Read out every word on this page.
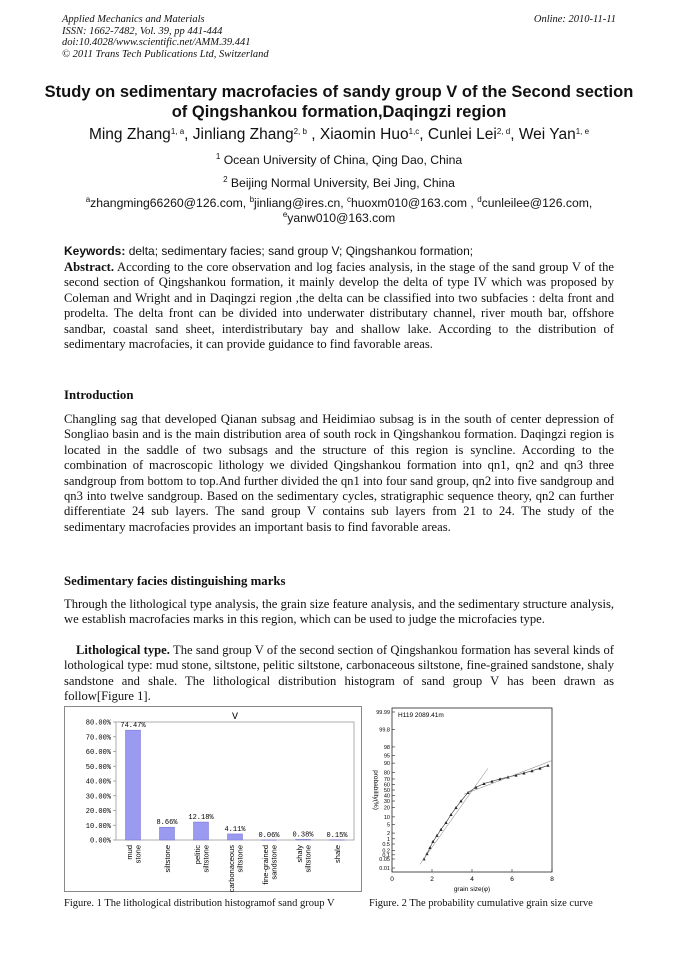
Applied Mechanics and Materials
ISSN: 1662-7482, Vol. 39, pp 441-444
doi:10.4028/www.scientific.net/AMM.39.441
© 2011 Trans Tech Publications Ltd, Switzerland
Online: 2010-11-11
Study on sedimentary macrofacies of sandy group V of the Second section of Qingshankou formation,Daqingzi region
Ming Zhang$^{1, a}$, Jinliang Zhang$^{2, b}$ , Xiaomin Huo$^{1,c}$, Cunlei Lei$^{2, d}$, Wei Yan$^{1, e}$
$^1$ Ocean University of China, Qing Dao, China
$^2$ Beijing Normal University, Bei Jing, China
$^a$zhangming66260@126.com, $^b$jinliang@ires.cn, $^c$huoxm010@163.com , $^d$cunleilee@126.com,
$^e$yanw010@163.com
Keywords: delta; sedimentary facies; sand group V; Qingshankou formation;
Abstract. According to the core observation and log facies analysis, in the stage of the sand group V of the second section of Qingshankou formation, it mainly develop the delta of type IV which was proposed by Coleman and Wright and in Daqingzi region ,the delta can be classified into two subfacies : delta front and prodelta. The delta front can be divided into underwater distributary channel, river mouth bar, offshore sandbar, coastal sand sheet, interdistributary bay and shallow lake. According to the distribution of sedimentary macrofacies, it can provide guidance to find favorable areas.
Introduction
Changling sag that developed Qianan subsag and Heidimiao subsag is in the south of center depression of Songliao basin and is the main distribution area of south rock in Qingshankou formation. Daqingzi region is located in the saddle of two subsags and the structure of this region is syncline. According to the combination of macroscopic lithology we divided Qingshankou formation into qn1, qn2 and qn3 three sandgroup from bottom to top.And further divided the qn1 into four sand group, qn2 into five sandgroup and qn3 into twelve sandgroup. Based on the sedimentary cycles, stratigraphic sequence theory, qn2 can further differentiate 24 sub layers. The sand group V contains sub layers from 21 to 24. The study of the sedimentary macrofacies provides an important basis to find favorable areas.
Sedimentary facies distinguishing marks
Through the lithological type analysis, the grain size feature analysis, and the sedimentary structure analysis, we establish macrofacies marks in this region, which can be used to judge the microfacies type.
Lithological type. The sand group V of the second section of Qingshankou formation has several kinds of lothological type: mud stone, siltstone, pelitic siltstone, carbonaceous siltstone, fine-grained sandstone, shaly sandstone and shale. The lithological distribution histogram of sand group V has been drawn as follow[Figure 1].
V
80.00%
70.00%
60.00%
50.00%
40.00%
30.00%
20.00%
10.00%
0.00%
74.47%
mud stone
8.66%
siltstone
12.18%
pelitic siltstone
4.11%
carbonaceous siltstone
0.06%
fine-grained sandstone
0.38%
shaly siltstone
0.15%
shale
0.01
0.05
0.1
0.2
0.5
1
2
5
10
20
30
40
50
60
70
80
90
95
98
99.8
99.99
0	2	4	6	8
grain size(φ)
probability(%)
H119 2089.41m
Figure. 1 The lithological distribution histogramof sand group V	Figure. 2 The probability cumulative grain size curve
